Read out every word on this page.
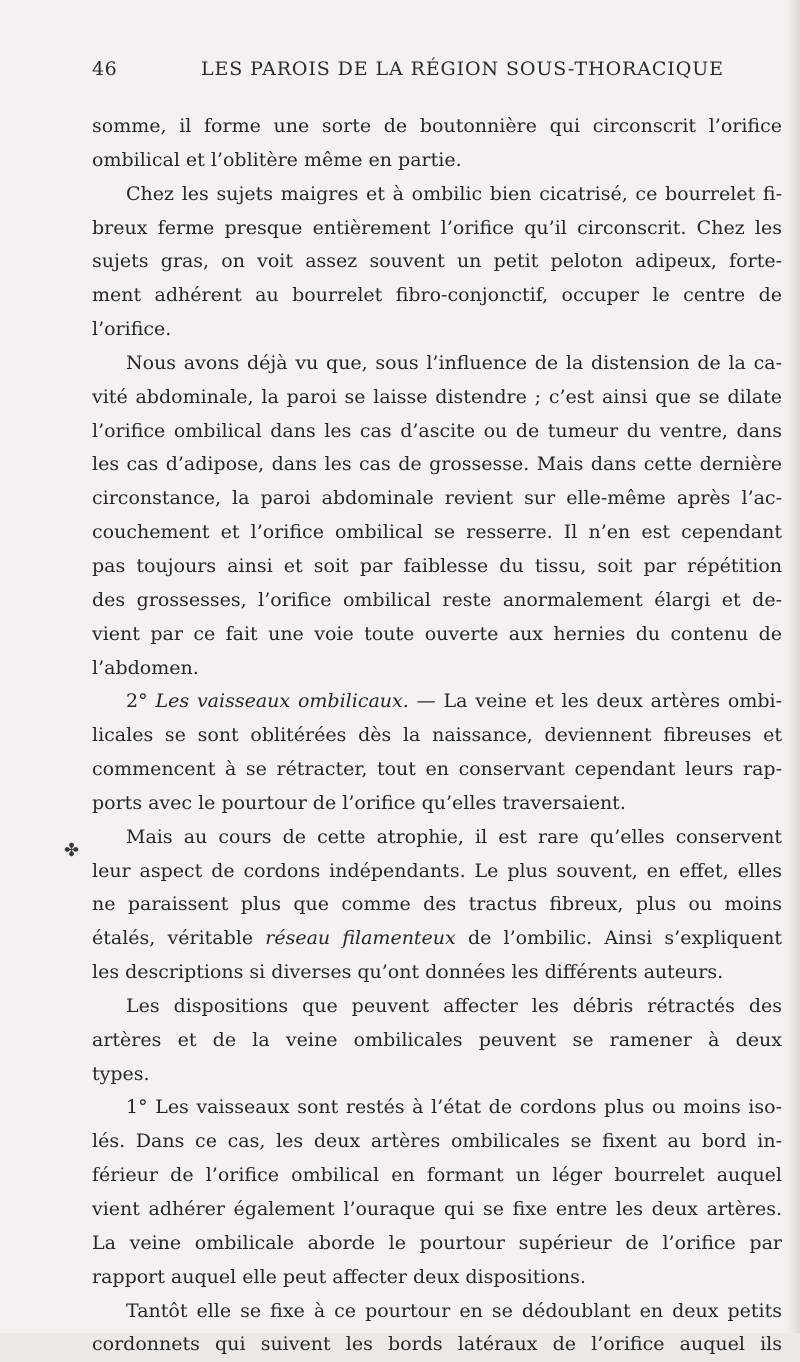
46	LES PAROIS DE LA RÉGION SOUS-THORACIQUE
✤
somme, il forme une sorte de boutonnière qui circonscrit l’orifice
ombilical et l’oblitère même en partie.
Chez les sujets maigres et à ombilic bien cicatrisé, ce bourrelet fi-
breux ferme presque entièrement l’orifice qu’il circonscrit. Chez les
sujets gras, on voit assez souvent un petit peloton adipeux, forte-
ment adhérent au bourrelet fibro-conjonctif, occuper le centre de
l’orifice.
Nous avons déjà vu que, sous l’influence de la distension de la ca-
vité abdominale, la paroi se laisse distendre ; c’est ainsi que se dilate
l’orifice ombilical dans les cas d’ascite ou de tumeur du ventre, dans
les cas d’adipose, dans les cas de grossesse. Mais dans cette dernière
circonstance, la paroi abdominale revient sur elle-même après l’ac-
couchement et l’orifice ombilical se resserre. Il n’en est cependant
pas toujours ainsi et soit par faiblesse du tissu, soit par répétition
des grossesses, l’orifice ombilical reste anormalement élargi et de-
vient par ce fait une voie toute ouverte aux hernies du contenu de
l’abdomen.
2° Les vaisseaux ombilicaux. — La veine et les deux artères ombi-
licales se sont oblitérées dès la naissance, deviennent fibreuses et
commencent à se rétracter, tout en conservant cependant leurs rap-
ports avec le pourtour de l’orifice qu’elles traversaient.
Mais au cours de cette atrophie, il est rare qu’elles conservent
leur aspect de cordons indépendants. Le plus souvent, en effet, elles
ne paraissent plus que comme des tractus fibreux, plus ou moins
étalés, véritable réseau filamenteux de l’ombilic. Ainsi s’expliquent
les descriptions si diverses qu’ont données les différents auteurs.
Les dispositions que peuvent affecter les débris rétractés des
artères et de la veine ombilicales peuvent se ramener à deux
types.
1° Les vaisseaux sont restés à l’état de cordons plus ou moins iso-
lés. Dans ce cas, les deux artères ombilicales se fixent au bord in-
férieur de l’orifice ombilical en formant un léger bourrelet auquel
vient adhérer également l’ouraque qui se fixe entre les deux artères.
La veine ombilicale aborde le pourtour supérieur de l’orifice par
rapport auquel elle peut affecter deux dispositions.
Tantôt elle se fixe à ce pourtour en se dédoublant en deux petits
cordonnets qui suivent les bords latéraux de l’orifice auquel ils
